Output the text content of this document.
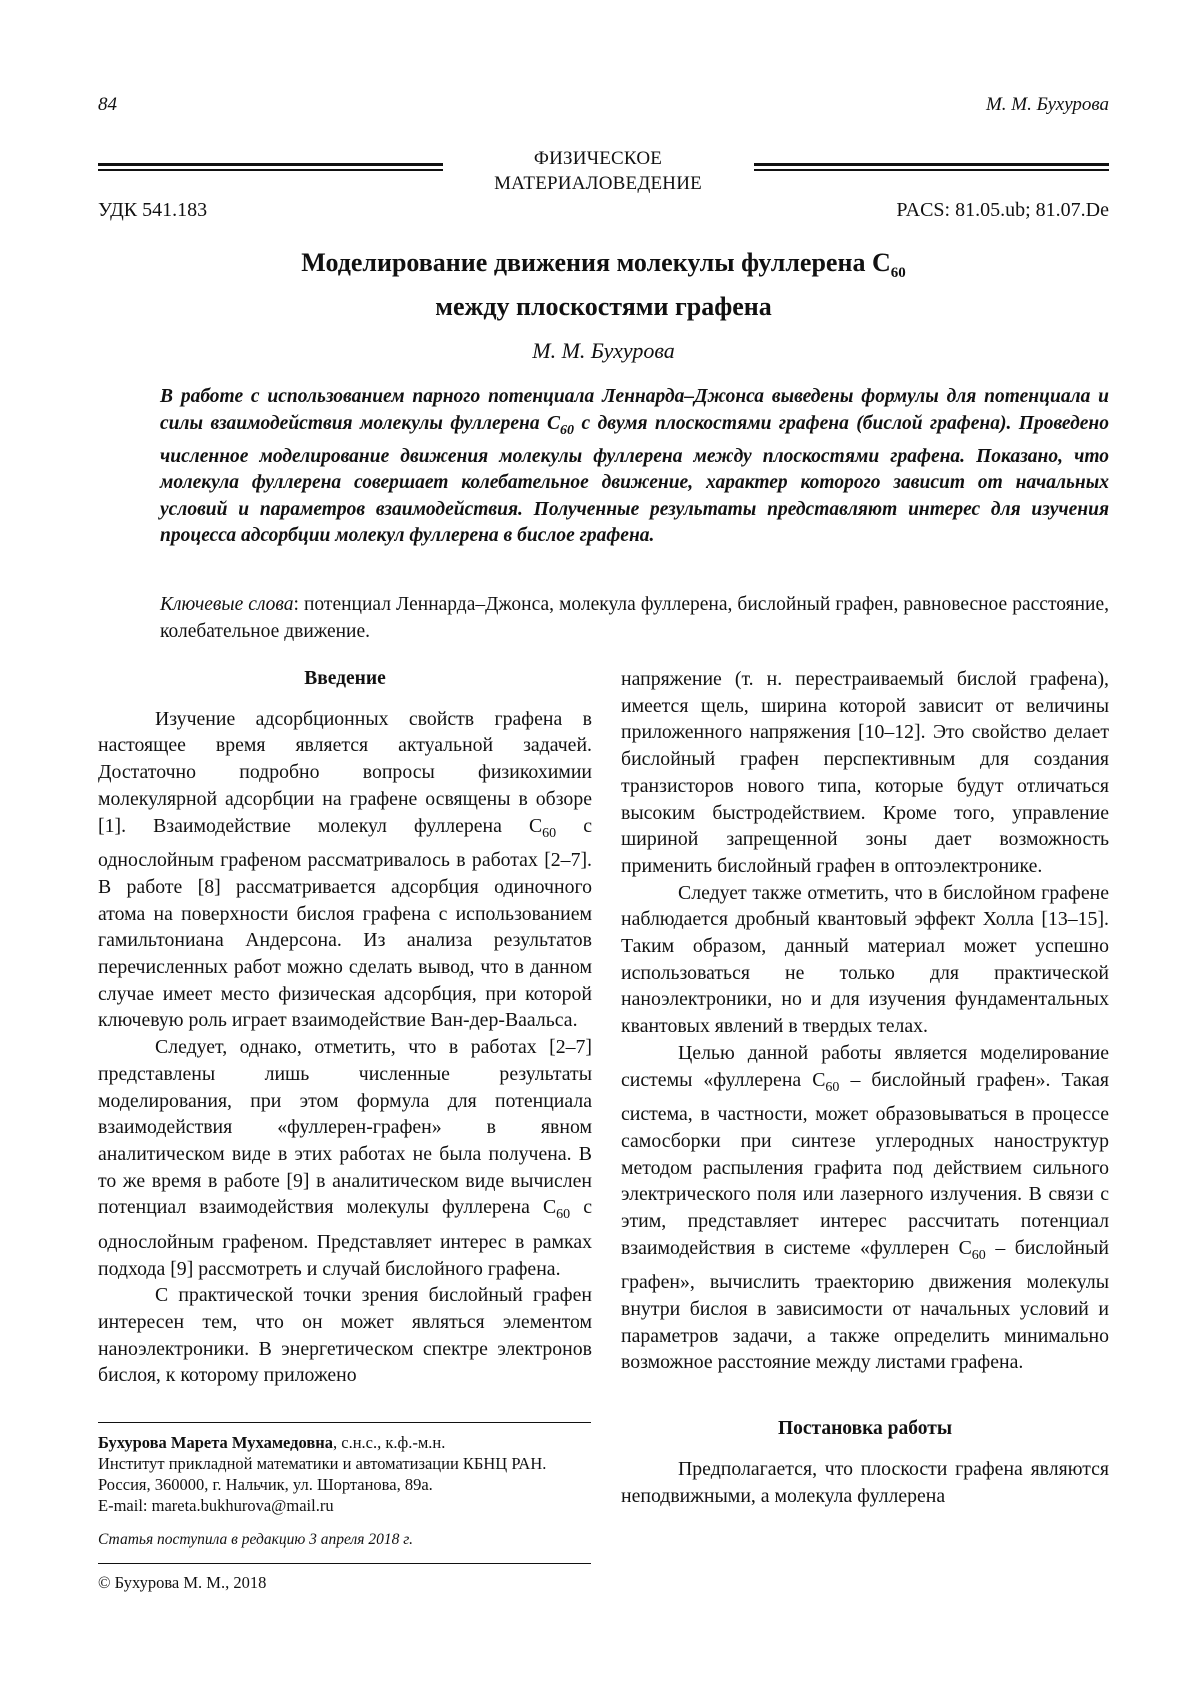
84	М. М. Бухурова
ФИЗИЧЕСКОЕ
МАТЕРИАЛОВЕДЕНИЕ
УДК 541.183	PACS: 81.05.ub; 81.07.De
Моделирование движения молекулы фуллерена $C_{60}$
между плоскостями графена
М. М. Бухурова
В работе с использованием парного потенциала Леннарда–Джонса выведены формулы для потенциала и силы взаимодействия молекулы фуллерена $C_{60}$ с двумя плоскостями графена (бислой графена). Проведено численное моделирование движения молекулы фуллерена между плоскостями графена. Показано, что молекула фуллерена совершает колебательное движение, характер которого зависит от начальных условий и параметров взаимодействия. Полученные результаты представляют интерес для изучения процесса адсорбции молекул фуллерена в бислое графена.
Ключевые слова: потенциал Леннарда–Джонса, молекула фуллерена, бислойный графен, равновесное расстояние, колебательное движение.
Введение

Изучение адсорбционных свойств графена в настоящее время является актуальной задачей. Достаточно подробно вопросы физикохимии молекулярной адсорбции на графене освящены в обзоре [1]. Взаимодействие молекул фуллерена $C_{60}$ с однослойным графеном рассматривалось в работах [2–7]. В работе [8] рассматривается адсорбция одиночного атома на поверхности бислоя графена с использованием гамильтониана Андерсона. Из анализа результатов перечисленных работ можно сделать вывод, что в данном случае имеет место физическая адсорбция, при которой ключевую роль играет взаимодействие Ван-дер-Ваальса.

Следует, однако, отметить, что в работах [2–7] представлены лишь численные результаты моделирования, при этом формула для потенциала взаимодействия «фуллерен-графен» в явном аналитическом виде в этих работах не была получена. В то же время в работе [9] в аналитическом виде вычислен потенциал взаимодействия молекулы фуллерена $C_{60}$ с однослойным графеном. Представляет интерес в рамках подхода [9] рассмотреть и случай бислойного графена.

С практической точки зрения бислойный графен интересен тем, что он может являться элементом наноэлектроники. В энергетическом спектре электронов бислоя, к которому приложено

напряжение (т. н. перестраиваемый бислой графена), имеется щель, ширина которой зависит от величины приложенного напряжения [10–12]. Это свойство делает бислойный графен перспективным для создания транзисторов нового типа, которые будут отличаться высоким быстродействием. Кроме того, управление шириной запрещенной зоны дает возможность применить бислойный графен в оптоэлектронике.

Следует также отметить, что в бислойном графене наблюдается дробный квантовый эффект Холла [13–15]. Таким образом, данный материал может успешно использоваться не только для практической наноэлектроники, но и для изучения фундаментальных квантовых явлений в твердых телах.

Целью данной работы является моделирование системы «фуллерена $C_{60}$ – бислойный графен». Такая система, в частности, может образовываться в процессе самосборки при синтезе углеродных наноструктур методом распыления графита под действием сильного электрического поля или лазерного излучения. В связи с этим, представляет интерес рассчитать потенциал взаимодействия в системе «фуллерен $C_{60}$ – бислойный графен», вычислить траекторию движения молекулы внутри бислоя в зависимости от начальных условий и параметров задачи, а также определить минимально возможное расстояние между листами графена.

Постановка работы

Предполагается, что плоскости графена являются неподвижными, а молекула фуллерена

Бухурова Марета Мухамедовна, с.н.с., к.ф.-м.н.
Институт прикладной математики и автоматизации КБНЦ РАН.
Россия, 360000, г. Нальчик, ул. Шортанова, 89а.
E-mail: mareta.bukhurova@mail.ru
Статья поступила в редакцию 3 апреля 2018 г.
© Бухурова М. М., 2018
